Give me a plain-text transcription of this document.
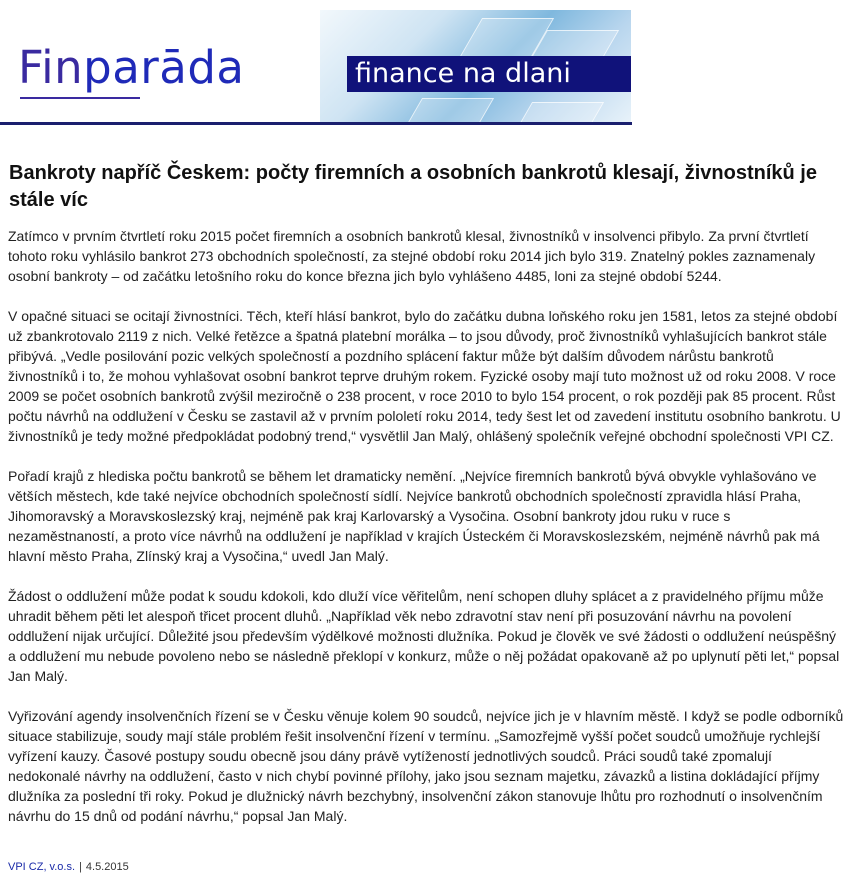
Finparāda	finance na dlani
Bankroty napříč Českem: počty firemních a osobních bankrotů klesají, živnostníků je stále víc

Zatímco v prvním čtvrtletí roku 2015 počet firemních a osobních bankrotů klesal, živnostníků v insolvenci přibylo. Za první čtvrtletí tohoto roku vyhlásilo bankrot 273 obchodních společností, za stejné období roku 2014 jich bylo 319. Znatelný pokles zaznamenaly osobní bankroty – od začátku letošního roku do konce března jich bylo vyhlášeno 4485, loni za stejné období 5244.

V opačné situaci se ocitají živnostníci. Těch, kteří hlásí bankrot, bylo do začátku dubna loňského roku jen 1581, letos za stejné období už zbankrotovalo 2119 z nich. Velké řetězce a špatná platební morálka – to jsou důvody, proč živnostníků vyhlašujících bankrot stále přibývá. „Vedle posilování pozic velkých společností a pozdního splácení faktur může být dalším důvodem nárůstu bankrotů živnostníků i to, že mohou vyhlašovat osobní bankrot teprve druhým rokem. Fyzické osoby mají tuto možnost už od roku 2008. V roce 2009 se počet osobních bankrotů zvýšil meziročně o 238 procent, v roce 2010 to bylo 154 procent, o rok později pak 85 procent. Růst počtu návrhů na oddlužení v Česku se zastavil až v prvním pololetí roku 2014, tedy šest let od zavedení institutu osobního bankrotu. U živnostníků je tedy možné předpokládat podobný trend,“ vysvětlil Jan Malý, ohlášený společník veřejné obchodní společnosti VPI CZ.

Pořadí krajů z hlediska počtu bankrotů se během let dramaticky nemění. „Nejvíce firemních bankrotů bývá obvykle vyhlašováno ve větších městech, kde také nejvíce obchodních společností sídlí. Nejvíce bankrotů obchodních společností zpravidla hlásí Praha, Jihomoravský a Moravskoslezský kraj, nejméně pak kraj Karlovarský a Vysočina. Osobní bankroty jdou ruku v ruce s nezaměstnaností, a proto více návrhů na oddlužení je například v krajích Ústeckém či Moravskoslezském, nejméně návrhů pak má hlavní město Praha, Zlínský kraj a Vysočina,“ uvedl Jan Malý.

Žádost o oddlužení může podat k soudu kdokoli, kdo dluží více věřitelům, není schopen dluhy splácet a z pravidelného příjmu může uhradit během pěti let alespoň třicet procent dluhů. „Například věk nebo zdravotní stav není při posuzování návrhu na povolení oddlužení nijak určující. Důležité jsou především výdělkové možnosti dlužníka. Pokud je člověk ve své žádosti o oddlužení neúspěšný a oddlužení mu nebude povoleno nebo se následně překlopí v konkurz, může o něj požádat opakovaně až po uplynutí pěti let,“ popsal Jan Malý.

Vyřizování agendy insolvenčních řízení se v Česku věnuje kolem 90 soudců, nejvíce jich je v hlavním městě. I když se podle odborníků situace stabilizuje, soudy mají stále problém řešit insolvenční řízení v termínu. „Samozřejmě vyšší počet soudců umožňuje rychlejší vyřízení kauzy. Časové postupy soudu obecně jsou dány právě vytížeností jednotlivých soudců. Práci soudů také zpomalují nedokonalé návrhy na oddlužení, často v nich chybí povinné přílohy, jako jsou seznam majetku, závazků a listina dokládající příjmy dlužníka za poslední tři roky. Pokud je dlužnický návrh bezchybný, insolvenční zákon stanovuje lhůtu pro rozhodnutí o insolvenčním návrhu do 15 dnů od podání návrhu,“ popsal Jan Malý.

VPI CZ, v.o.s. | 4.5.2015
